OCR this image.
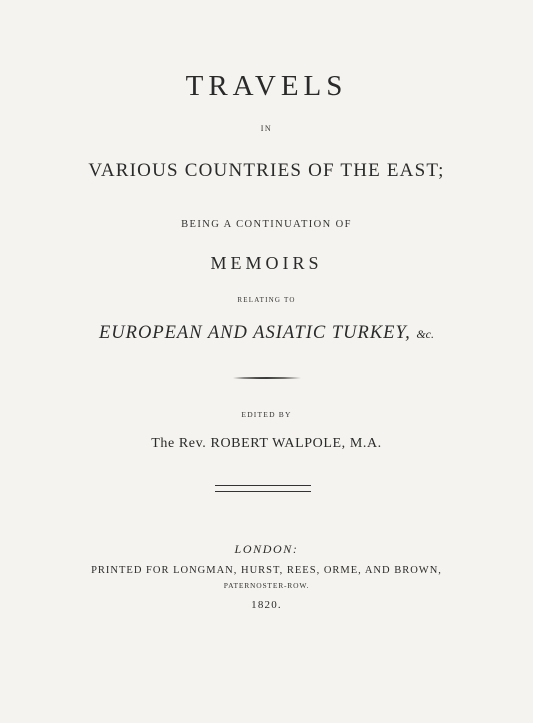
TRAVELS
IN
VARIOUS COUNTRIES OF THE EAST;
BEING A CONTINUATION OF
MEMOIRS
RELATING TO
EUROPEAN AND ASIATIC TURKEY, &c.
EDITED BY
The Rev. ROBERT WALPOLE, M.A.
LONDON:
PRINTED FOR LONGMAN, HURST, REES, ORME, AND BROWN,
PATERNOSTER-ROW.
1820.
